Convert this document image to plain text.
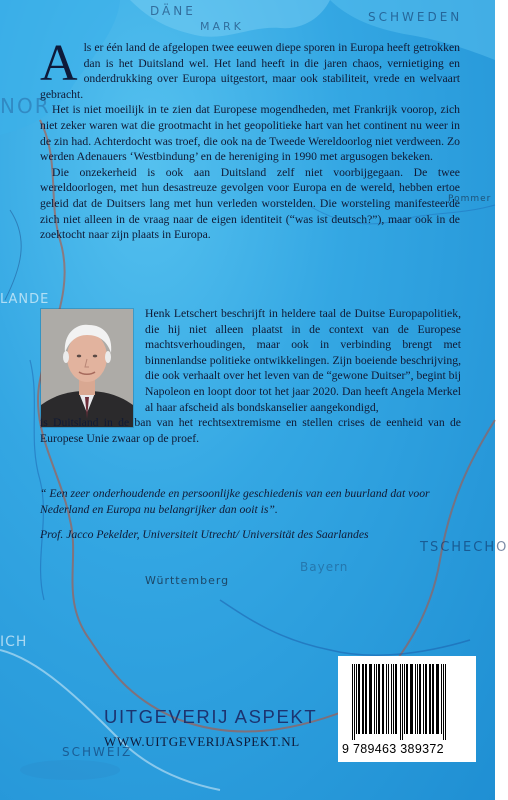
DÄNE
MARK
SCHWEDEN
NOR
Pommer
LANDE
TSCHECHO
Bayern
Württemberg
ICH
SCHWEIZ

Als er één land de afgelopen twee eeuwen diepe sporen in Europa heeft getrokken dan is het Duitsland wel. Het land heeft in die jaren chaos, vernietiging en onderdrukking over Europa uitgestort, maar ook stabiliteit, vrede en welvaart gebracht.

Het is niet moeilijk in te zien dat Europese mogendheden, met Frankrijk voorop, zich niet zeker waren wat die grootmacht in het geopolitieke hart van het continent nu weer in de zin had. Achterdocht was troef, die ook na de Tweede Wereldoorlog niet verdween. Zo werden Adenauers ‘Westbindung’ en de hereniging in 1990 met argusogen bekeken.

Die onzekerheid is ook aan Duitsland zelf niet voorbijgegaan. De twee wereldoorlogen, met hun desastreuze gevolgen voor Europa en de wereld, hebben ertoe geleid dat de Duitsers lang met hun verleden worstelden. Die worsteling manifesteerde zich niet alleen in de vraag naar de eigen identiteit (“was ist deutsch?”), maar ook in de zoektocht naar zijn plaats in Europa.

Henk Letschert beschrijft in heldere taal de Duitse Europapolitiek, die hij niet alleen plaatst in de context van de Europese machtsverhoudingen, maar ook in verbinding brengt met binnenlandse politieke ontwikkelingen. Zijn boeiende beschrijving, die ook verhaalt over het leven van de “gewone Duitser”, begint bij Napoleon en loopt door tot het jaar 2020. Dan heeft Angela Merkel al haar afscheid als bondskanselier aangekondigd,

is Duitsland in de ban van het rechtsextremisme en stellen crises de eenheid van de Europese Unie zwaar op de proef.

“ Een zeer onderhoudende en persoonlijke geschiedenis van een buurland dat voor Nederland en Europa nu belangrijker dan ooit is”.
Prof. Jacco Pekelder, Universiteit Utrecht/ Universität des Saarlandes
UITGEVERIJ ASPEKT
WWW.UITGEVERIJASPEKT.NL	9 789463 389372
